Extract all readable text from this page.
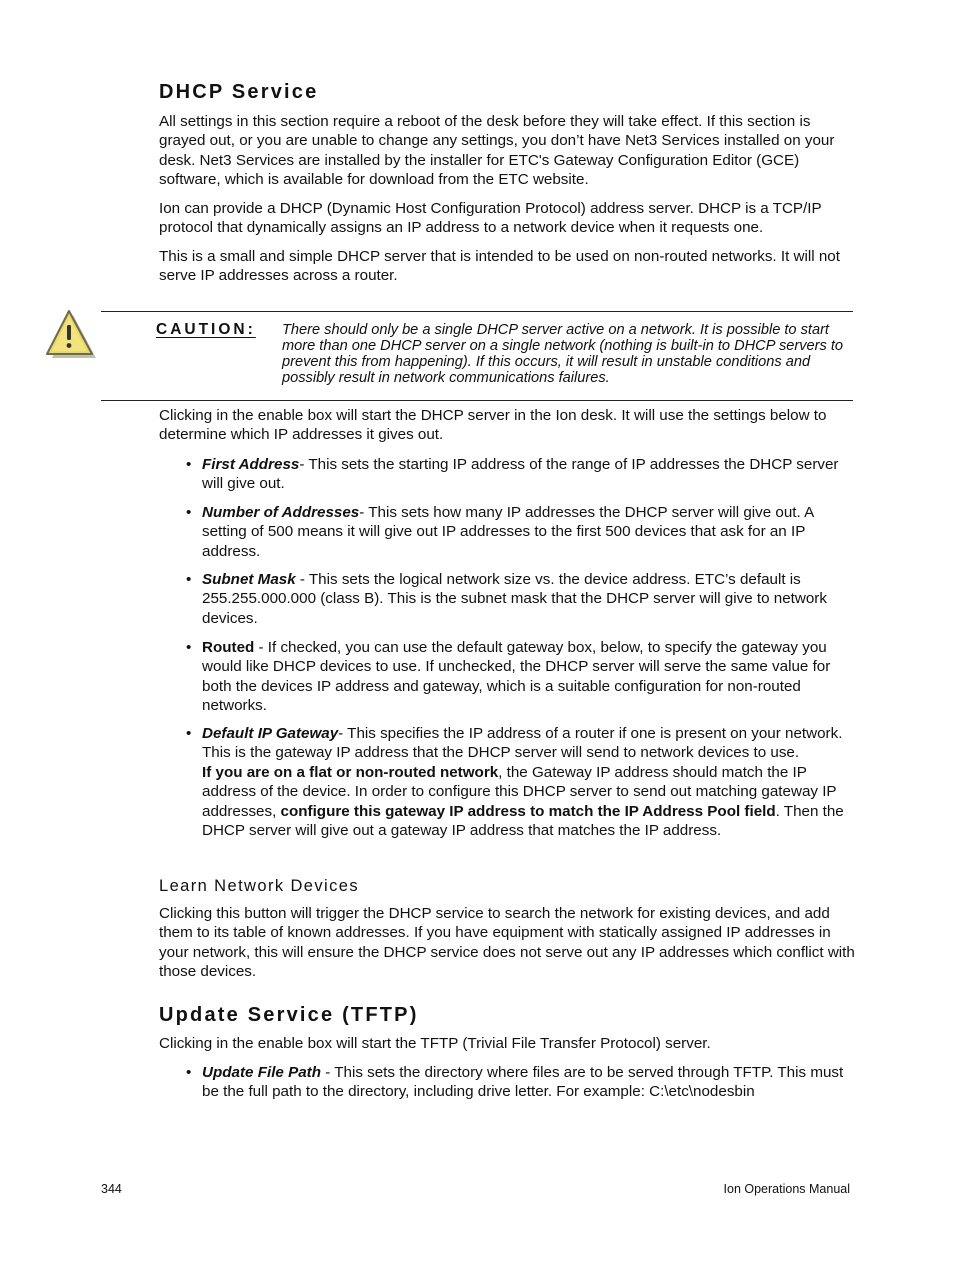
DHCP Service

All settings in this section require a reboot of the desk before they will take effect. If this section is grayed out, or you are unable to change any settings, you don’t have Net3 Services installed on your desk. Net3 Services are installed by the installer for ETC's Gateway Configuration Editor (GCE) software, which is available for download from the ETC website.

Ion can provide a DHCP (Dynamic Host Configuration Protocol) address server. DHCP is a TCP/IP protocol that dynamically assigns an IP address to a network device when it requests one.

This is a small and simple DHCP server that is intended to be used on non-routed networks. It will not serve IP addresses across a router.

CAUTION: There should only be a single DHCP server active on a network. It is possible to start more than one DHCP server on a single network (nothing is built-in to DHCP servers to prevent this from happening). If this occurs, it will result in unstable conditions and possibly result in network communications failures.

Clicking in the enable box will start the DHCP server in the Ion desk. It will use the settings below to determine which IP addresses it gives out.

• First Address- This sets the starting IP address of the range of IP addresses the DHCP server will give out.
• Number of Addresses- This sets how many IP addresses the DHCP server will give out. A setting of 500 means it will give out IP addresses to the first 500 devices that ask for an IP address.
• Subnet Mask - This sets the logical network size vs. the device address. ETC’s default is 255.255.000.000 (class B). This is the subnet mask that the DHCP server will give to network devices.
• Routed - If checked, you can use the default gateway box, below, to specify the gateway you would like DHCP devices to use. If unchecked, the DHCP server will serve the same value for both the devices IP address and gateway, which is a suitable configuration for non-routed networks.
• Default IP Gateway- This specifies the IP address of a router if one is present on your network. This is the gateway IP address that the DHCP server will send to network devices to use.
If you are on a flat or non-routed network, the Gateway IP address should match the IP address of the device. In order to configure this DHCP server to send out matching gateway IP addresses, configure this gateway IP address to match the IP Address Pool field. Then the DHCP server will give out a gateway IP address that matches the IP address.
Learn Network Devices

Clicking this button will trigger the DHCP service to search the network for existing devices, and add them to its table of known addresses. If you have equipment with statically assigned IP addresses in your network, this will ensure the DHCP service does not serve out any IP addresses which conflict with those devices.

Update Service (TFTP)

Clicking in the enable box will start the TFTP (Trivial File Transfer Protocol) server.

• Update File Path - This sets the directory where files are to be served through TFTP. This must be the full path to the directory, including drive letter. For example: C:\etc\nodesbin
344	Ion Operations Manual
